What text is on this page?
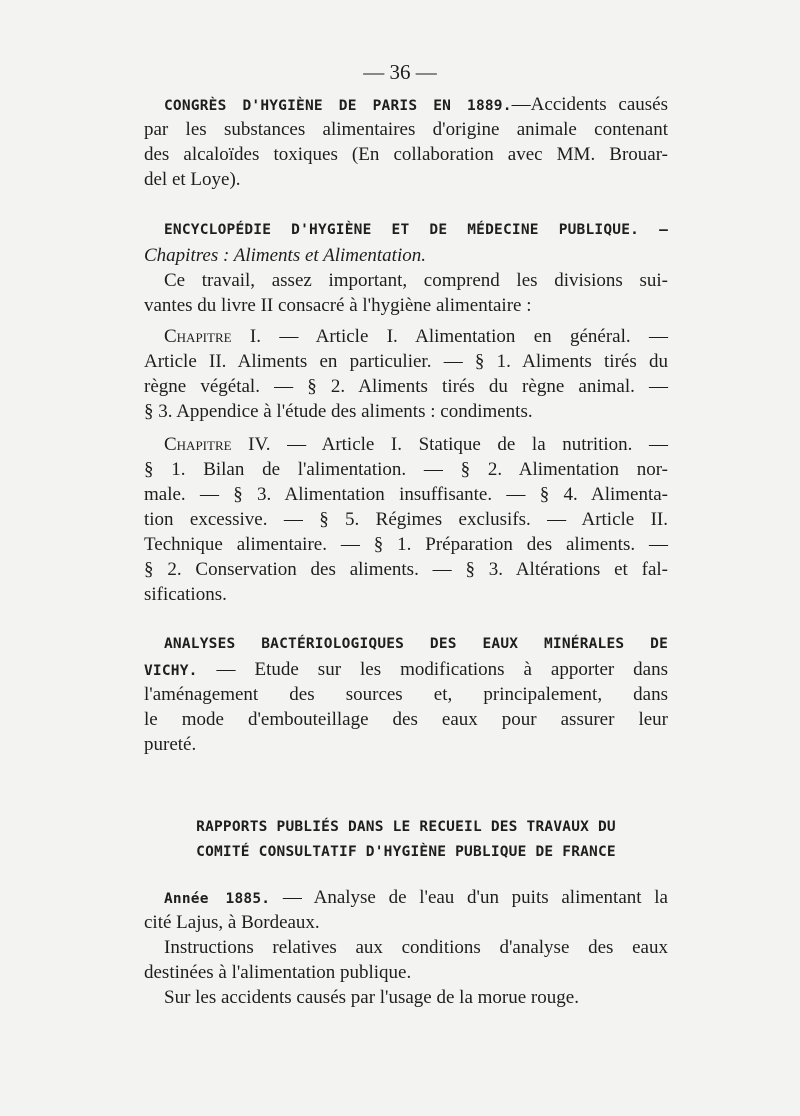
— 36 —
CONGRÈS D'HYGIÈNE DE PARIS EN 1889.—Accidents causés
par les substances alimentaires d'origine animale contenant
des alcaloïdes toxiques (En collaboration avec MM. Brouar-
del et Loye).
ENCYCLOPÉDIE D'HYGIÈNE ET DE MÉDECINE PUBLIQUE. —
Chapitres : Aliments et Alimentation.
Ce travail, assez important, comprend les divisions sui-
vantes du livre II consacré à l'hygiène alimentaire :
Chapitre I. — Article I. Alimentation en général. —
Article II. Aliments en particulier. — § 1. Aliments tirés du
règne végétal. — § 2. Aliments tirés du règne animal. —
§ 3. Appendice à l'étude des aliments : condiments.
Chapitre IV. — Article I. Statique de la nutrition. —
§ 1. Bilan de l'alimentation. — § 2. Alimentation nor-
male. — § 3. Alimentation insuffisante. — § 4. Alimenta-
tion excessive. — § 5. Régimes exclusifs. — Article II.
Technique alimentaire. — § 1. Préparation des aliments. —
§ 2. Conservation des aliments. — § 3. Altérations et fal-
sifications.
ANALYSES BACTÉRIOLOGIQUES DES EAUX MINÉRALES DE
VICHY. — Etude sur les modifications à apporter dans
l'aménagement des sources et, principalement, dans
le mode d'embouteillage des eaux pour assurer leur
pureté.
RAPPORTS PUBLIÉS DANS LE RECUEIL DES TRAVAUX DU
COMITÉ CONSULTATIF D'HYGIÈNE PUBLIQUE DE FRANCE
Année 1885. — Analyse de l'eau d'un puits alimentant la
cité Lajus, à Bordeaux.
Instructions relatives aux conditions d'analyse des eaux
destinées à l'alimentation publique.
Sur les accidents causés par l'usage de la morue rouge.
